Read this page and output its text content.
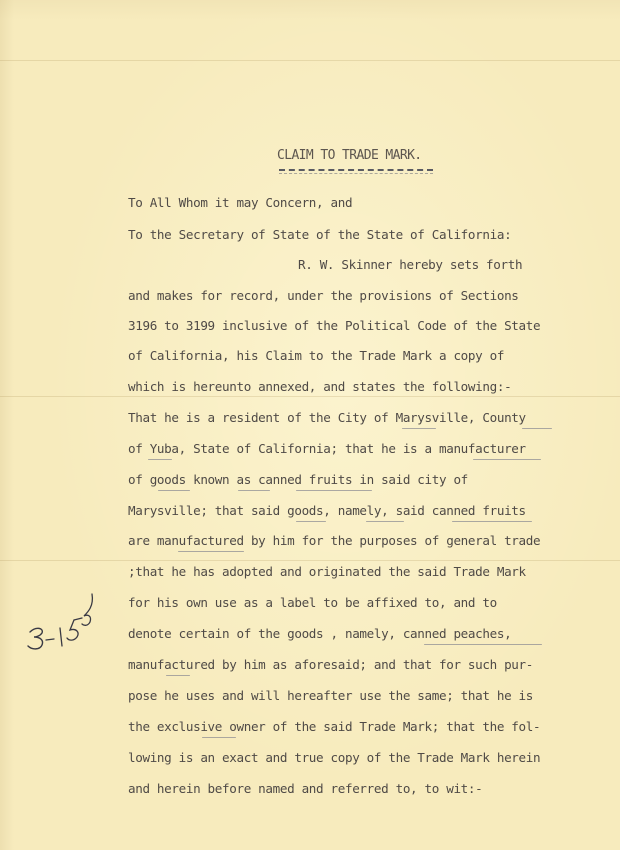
CLAIM TO TRADE MARK.
To All Whom it may Concern, and
To the Secretary of State of the State of California:
R. W. Skinner hereby sets forth
and makes for record, under the provisions of Sections
3196 to 3199 inclusive of the Political Code of the State
of California, his Claim to the Trade Mark a copy of
which is hereunto annexed, and states the following:-
That he is a resident of the City of Marysville, County
of Yuba, State of California; that he is a manufacturer
of goods known as canned fruits in said city of
Marysville; that said goods, namely, said canned fruits
are manufactured by him for the purposes of general trade
;that he has adopted and originated the said Trade Mark
for his own use as a label to be affixed to, and to
denote certain of the goods , namely, canned peaches,
manufactured by him as aforesaid; and that for such pur-
pose he uses and will hereafter use the same; that he is
the exclusive owner of the said Trade Mark; that the fol-
lowing is an exact and true copy of the Trade Mark herein
and herein before named and referred to, to wit:-
